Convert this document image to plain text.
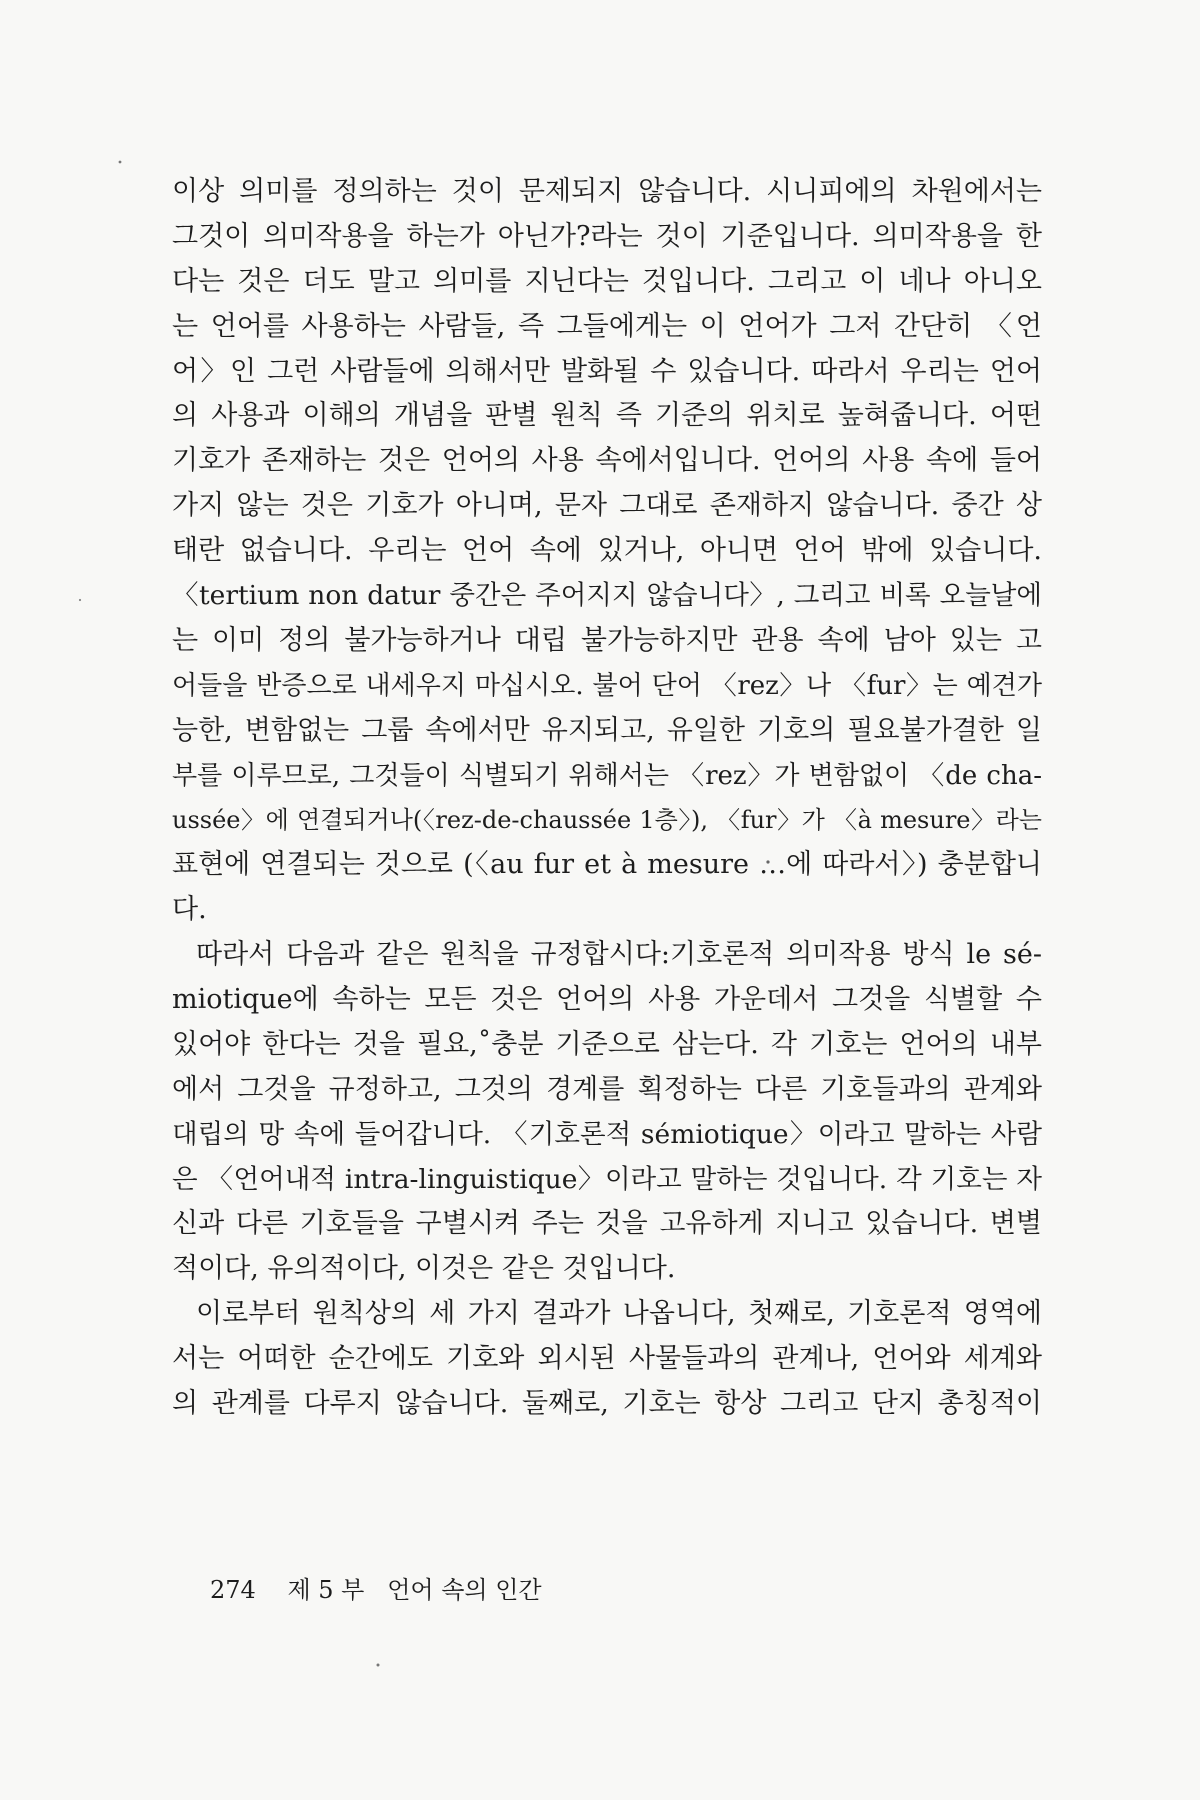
이상 의미를 정의하는 것이 문제되지 않습니다. 시니피에의 차원에서는
그것이 의미작용을 하는가 아닌가?라는 것이 기준입니다. 의미작용을 한
다는 것은 더도 말고 의미를 지닌다는 것입니다. 그리고 이 네나 아니오
는 언어를 사용하는 사람들, 즉 그들에게는 이 언어가 그저 간단히 〈언
어〉인 그런 사람들에 의해서만 발화될 수 있습니다. 따라서 우리는 언어
의 사용과 이해의 개념을 판별 원칙 즉 기준의 위치로 높혀줍니다. 어떤
기호가 존재하는 것은 언어의 사용 속에서입니다. 언어의 사용 속에 들어
가지 않는 것은 기호가 아니며, 문자 그대로 존재하지 않습니다. 중간 상
태란 없습니다. 우리는 언어 속에 있거나, 아니면 언어 밖에 있습니다.
〈tertium non datur 중간은 주어지지 않습니다〉, 그리고 비록 오늘날에
는 이미 정의 불가능하거나 대립 불가능하지만 관용 속에 남아 있는 고
어들을 반증으로 내세우지 마십시오. 불어 단어 〈rez〉나 〈fur〉는 예견가
능한, 변함없는 그룹 속에서만 유지되고, 유일한 기호의 필요불가결한 일
부를 이루므로, 그것들이 식별되기 위해서는 〈rez〉가 변함없이 〈de cha-
ussée〉에 연결되거나(〈rez-de-chaussée 1층〉), 〈fur〉가 〈à mesure〉라는
표현에 연결되는 것으로 (〈au fur et à mesure …에 따라서〉) 충분합니
다.
따라서 다음과 같은 원칙을 규정합시다:기호론적 의미작용 방식 le sé-
miotique에 속하는 모든 것은 언어의 사용 가운데서 그것을 식별할 수
있어야 한다는 것을 필요,˚충분 기준으로 삼는다. 각 기호는 언어의 내부
에서 그것을 규정하고, 그것의 경계를 획정하는 다른 기호들과의 관계와
대립의 망 속에 들어갑니다. 〈기호론적 sémiotique〉이라고 말하는 사람
은 〈언어내적 intra-linguistique〉이라고 말하는 것입니다. 각 기호는 자
신과 다른 기호들을 구별시켜 주는 것을 고유하게 지니고 있습니다. 변별
적이다, 유의적이다, 이것은 같은 것입니다.
이로부터 원칙상의 세 가지 결과가 나옵니다, 첫째로, 기호론적 영역에
서는 어떠한 순간에도 기호와 외시된 사물들과의 관계나, 언어와 세계와
의 관계를 다루지 않습니다. 둘째로, 기호는 항상 그리고 단지 총칭적이
274 제 5 부 언어 속의 인간
